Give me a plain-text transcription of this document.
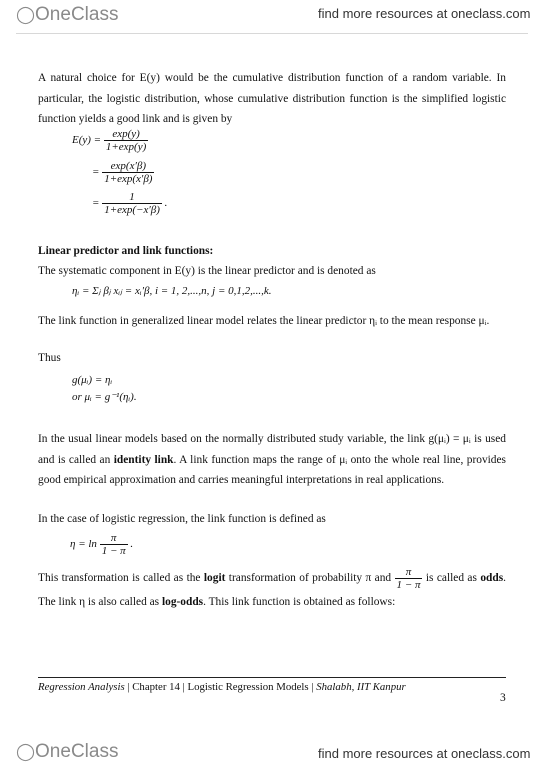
◯ OneClass	find more resources at oneclass.com
A natural choice for E(y) would be the cumulative distribution function of a random variable. In particular, the logistic distribution, whose cumulative distribution function is the simplified logistic function yields a good link and is given by
$E(y) = \frac{\exp(y)}{1+\exp(y)}$
= $\frac{\exp(x'\beta)}{1+\exp(x'\beta)}$
= $\frac{1}{1+\exp(-x'\beta)}$ .
Linear predictor and link functions:
The systematic component in E(y) is the linear predictor and is denoted as
ηᵢ = Σⱼ βⱼ xᵢⱼ = xᵢ′β, i = 1, 2,...,n, j = 0,1,2,...,k.
The link function in generalized linear model relates the linear predictor ηᵢ to the mean response μᵢ.
Thus
g(μᵢ) = ηᵢ
or μᵢ = g⁻¹(ηᵢ).
In the usual linear models based on the normally distributed study variable, the link g(μᵢ) = μᵢ is used and is called an identity link. A link function maps the range of μᵢ onto the whole real line, provides good empirical approximation and carries meaningful interpretations in real applications.
In the case of logistic regression, the link function is defined as
$\eta = \ln \frac{\pi}{1 - \pi}$ .
This transformation is called as the logit transformation of probability π and $\frac{\pi}{1 - \pi}$ is called as odds. The link η is also called as log-odds. This link function is obtained as follows:
Regression Analysis | Chapter 14 | Logistic Regression Models | Shalabh, IIT Kanpur
3
◯ OneClass	find more resources at oneclass.com
